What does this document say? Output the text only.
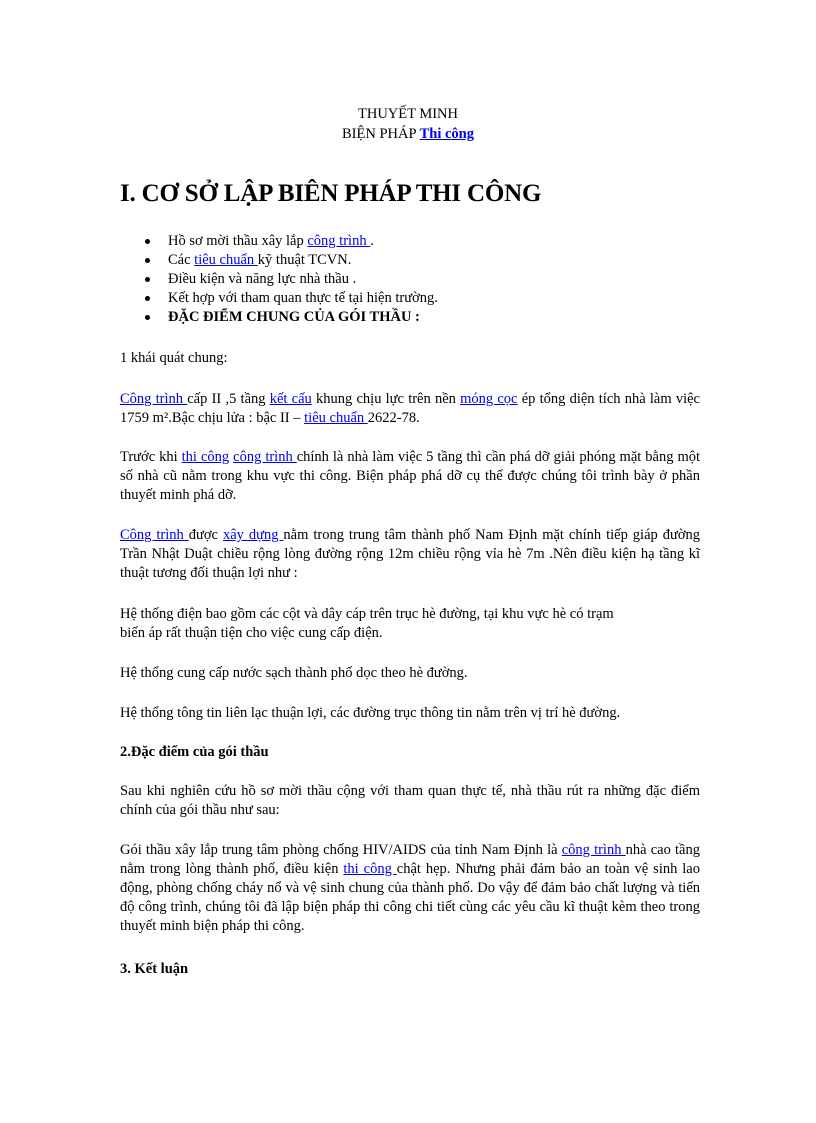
THUYẾT MINH
BIỆN PHÁP Thi công
I. CƠ SỞ LẬP BIÊN PHÁP THI CÔNG
Hồ sơ mời thầu xây lắp công trình .
Các tiêu chuẩn kỹ thuật TCVN.
Điều kiện và năng lực nhà thầu .
Kết hợp với tham quan thực tế tại hiện trường.
ĐẶC ĐIỂM CHUNG CỦA GÓI THẦU :

1 khái quát chung:

Công trình cấp II ,5 tầng kết cấu khung chịu lực trên nền móng cọc ép tổng diện tích nhà làm việc 1759 m².Bậc chịu lửa : bậc II – tiêu chuẩn 2622-78.

Trước khi thi công công trình chính là nhà làm việc 5 tầng thì cần phá dỡ giải phóng mặt bằng một số nhà cũ nằm trong khu vực thi công. Biện pháp phá dỡ cụ thể được chúng tôi trình bày ở phần thuyết minh phá dỡ.

Công trình được xây dựng nằm trong trung tâm thành phố Nam Định mặt chính tiếp giáp đường Trần Nhật Duật chiều rộng lòng đường rộng 12m chiều rộng vỉa hè 7m .Nên điều kiện hạ tầng kĩ thuật tương đối thuận lợi như :

Hệ thống điện bao gồm các cột và dây cáp trên trục hè đường, tại khu vực hè có trạm
biến áp rất thuận tiện cho việc cung cấp điện.

Hệ thống cung cấp nước sạch thành phố dọc theo hè đường.

Hệ thống tông tin liên lạc thuận lợi, các đường trục thông tin nằm trên vị trí hè đường.

2.Đặc điểm của gói thầu

Sau khi nghiên cứu hồ sơ mời thầu cộng với tham quan thực tế, nhà thầu rút ra những đặc điểm chính của gói thầu như sau:

Gói thầu xây lắp trung tâm phòng chống HIV/AIDS của tỉnh Nam Định là công trình nhà cao tầng nằm trong lòng thành phố, điều kiện thi công chật hẹp. Nhưng phải đảm bảo an toàn vệ sinh lao động, phòng chống cháy nổ và vệ sinh chung của thành phố. Do vậy để đảm bảo chất lượng và tiến độ công trình, chúng tôi đã lập biện pháp thi công chi tiết cùng các yêu cầu kĩ thuật kèm theo trong thuyết minh biện pháp thi công.

3. Kết luận
